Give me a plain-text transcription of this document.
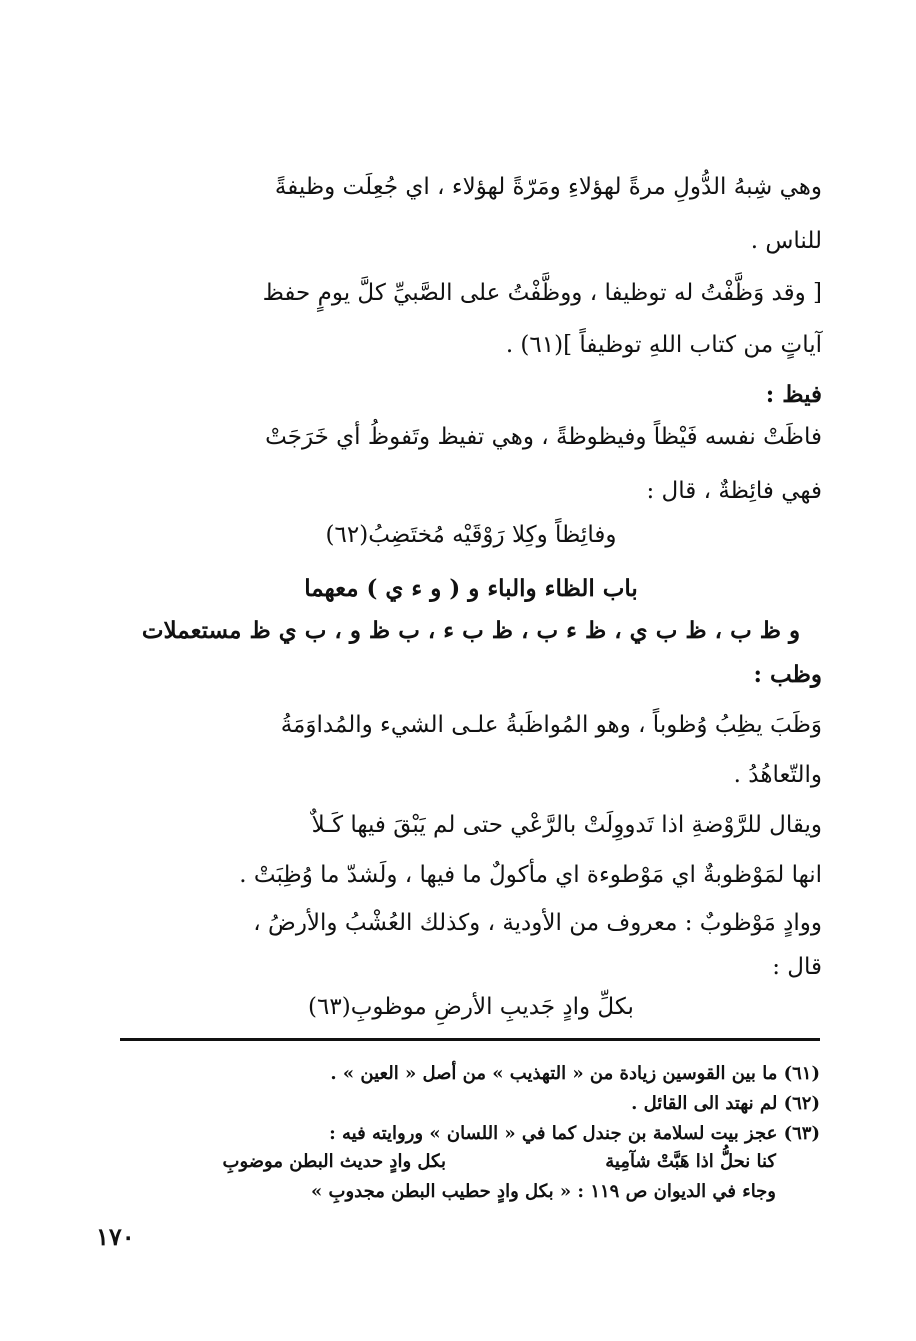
وهي شِبهُ الدُّولِ مرةً لهؤلاءِ ومَرّةً لهؤلاء ، اي جُعِلَت وظيفةً
للناس .
[ وقد وَظَّفْتُ له توظيفا ، ووظَّفْتُ على الصَّبيِّ كلَّ يومٍ حفظ
آياتٍ من كتاب اللهِ توظيفاً ](٦١) .
فيظ :
فاظَتْ نفسه فَيْظاً وفيظوظةً ، وهي تفيظ وتَفوظُ أي خَرَجَتْ
فهي فائِظةٌ ، قال :
وفائِظاً وكِلا رَوْقَيْه مُختَضِبُ(٦٢)
باب الظاء والباء و ( و ء ي ) معهما
و ظ ب ، ظ ب ي ، ظ ء ب ، ظ ب ء ، ب ظ و ، ب ي ظ مستعملات
وظب :
وَظَبَ يظِبُ وُظوباً ، وهو المُواظَبةُ علـى الشيء والمُداوَمَةُ
والتّعاهُدُ .
ويقال للرَّوْضةِ اذا تَدووِلَتْ بالرَّعْي حتى لم يَبْقَ فيها كَـلاٌ
انها لمَوْظوبةٌ اي مَوْطوءة اي مأكولٌ ما فيها ، ولَشدّ ما وُظِبَتْ .
ووادٍ مَوْظوبٌ : معروف من الأودية ، وكذلك العُشْبُ والأرضُ ،
قال :
بكلِّ وادٍ جَديبِ الأرضِ موظوبِ(٦٣)
(٦١) ما بين القوسين زيادة من « التهذيب » من أصل « العين » .
(٦٢) لم نهتد الى القائل .
(٦٣) عجز بيت لسلامة بن جندل كما في « اللسان » وروايته فيه :
كنا نحلُّ اذا هَبَّتْ شآمِية
بكل وادٍ حديث البطن موضوبِ
وجاء في الديوان ص ١١٩ : « بكل وادٍ حطيب البطن مجدوبِ »
١٧٠
